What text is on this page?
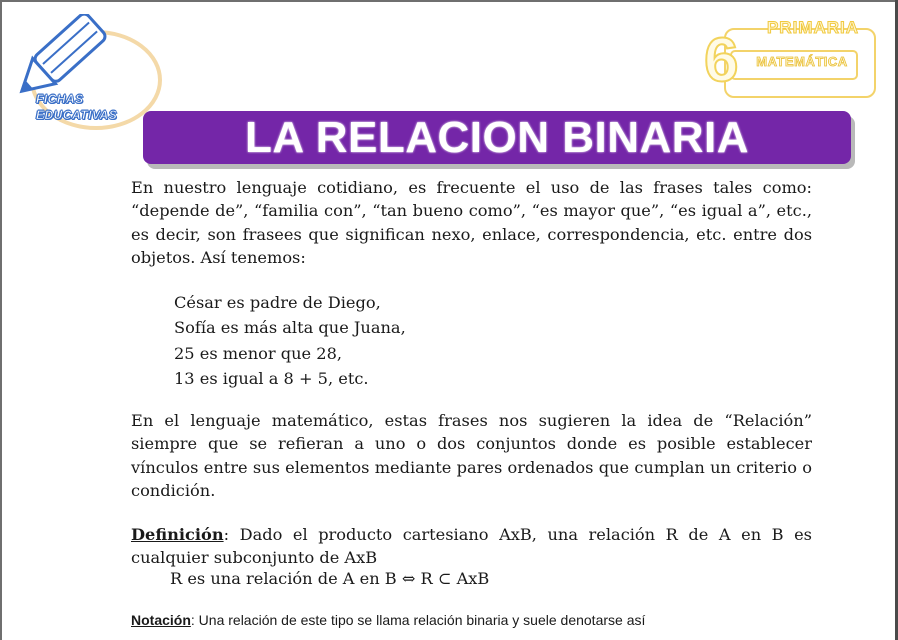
FICHAS
EDUCATIVAS
6	PRIMARIA
MATEMÁTICA
LA RELACION BINARIA
En nuestro lenguaje cotidiano, es frecuente el uso de las frases tales como: “depende de”, “familia con”, “tan bueno como”, “es mayor que”, “es igual a”, etc., es decir, son frasees que significan nexo, enlace, correspondencia, etc. entre dos objetos. Así tenemos:
César es padre de Diego,
Sofía es más alta que Juana,
25 es menor que 28,
13 es igual a 8 + 5, etc.
En el lenguaje matemático, estas frases nos sugieren la idea de “Relación” siempre que se refieran a uno o dos conjuntos donde es posible establecer vínculos entre sus elementos mediante pares ordenados que cumplan un criterio o condición.
Definición: Dado el producto cartesiano AxB, una relación R de A en B es cualquier subconjunto de AxB
R es una relación de A en B ⇔ R ⊂ AxB
Notación: Una relación de este tipo se llama relación binaria y suele denotarse así
